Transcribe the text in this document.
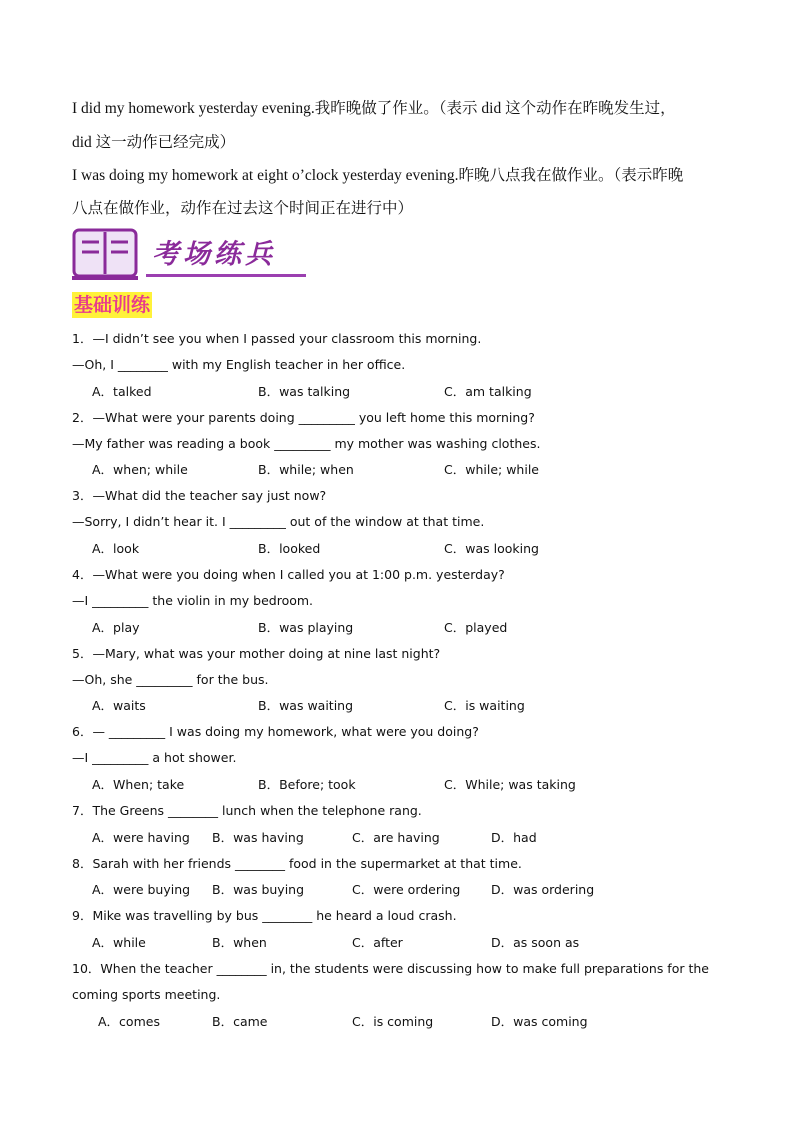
I did my homework yesterday evening.我昨晚做了作业。（表示 did 这个动作在昨晚发生过，
did 这一动作已经完成）
I was doing my homework at eight o’clock yesterday evening.昨晚八点我在做作业。（表示昨晚
八点在做作业，动作在过去这个时间正在进行中）
考场练兵
基础训练
1．—I didn’t see you when I passed your classroom this morning.
—Oh, I ________ with my English teacher in her office.
A．talked	B．was talking	C．am talking
2．—What were your parents doing _________ you left home this morning?
—My father was reading a book _________ my mother was washing clothes.
A．when; while	B．while; when	C．while; while
3．—What did the teacher say just now?
—Sorry, I didn’t hear it. I _________ out of the window at that time.
A．look	B．looked	C．was looking
4．—What were you doing when I called you at 1:00 p.m. yesterday?
—I _________ the violin in my bedroom.
A．play	B．was playing	C．played
5．—Mary, what was your mother doing at nine last night?
—Oh, she _________ for the bus.
A．waits	B．was waiting	C．is waiting
6．— _________ I was doing my homework, what were you doing?
—I _________ a hot shower.
A．When; take	B．Before; took	C．While; was taking
7．The Greens ________ lunch when the telephone rang.
A．were having B．was having	C．are having	D．had
8．Sarah with her friends ________ food in the supermarket at that time.
A．were buying B．was buying	C．were ordering D．was ordering
9．Mike was travelling by bus ________ he heard a loud crash.
A．while	B．when	C．after	D．as soon as
10．When the teacher ________ in, the students were discussing how to make full preparations for the coming sports meeting.
A．comes	B．came	C．is coming	D．was coming
